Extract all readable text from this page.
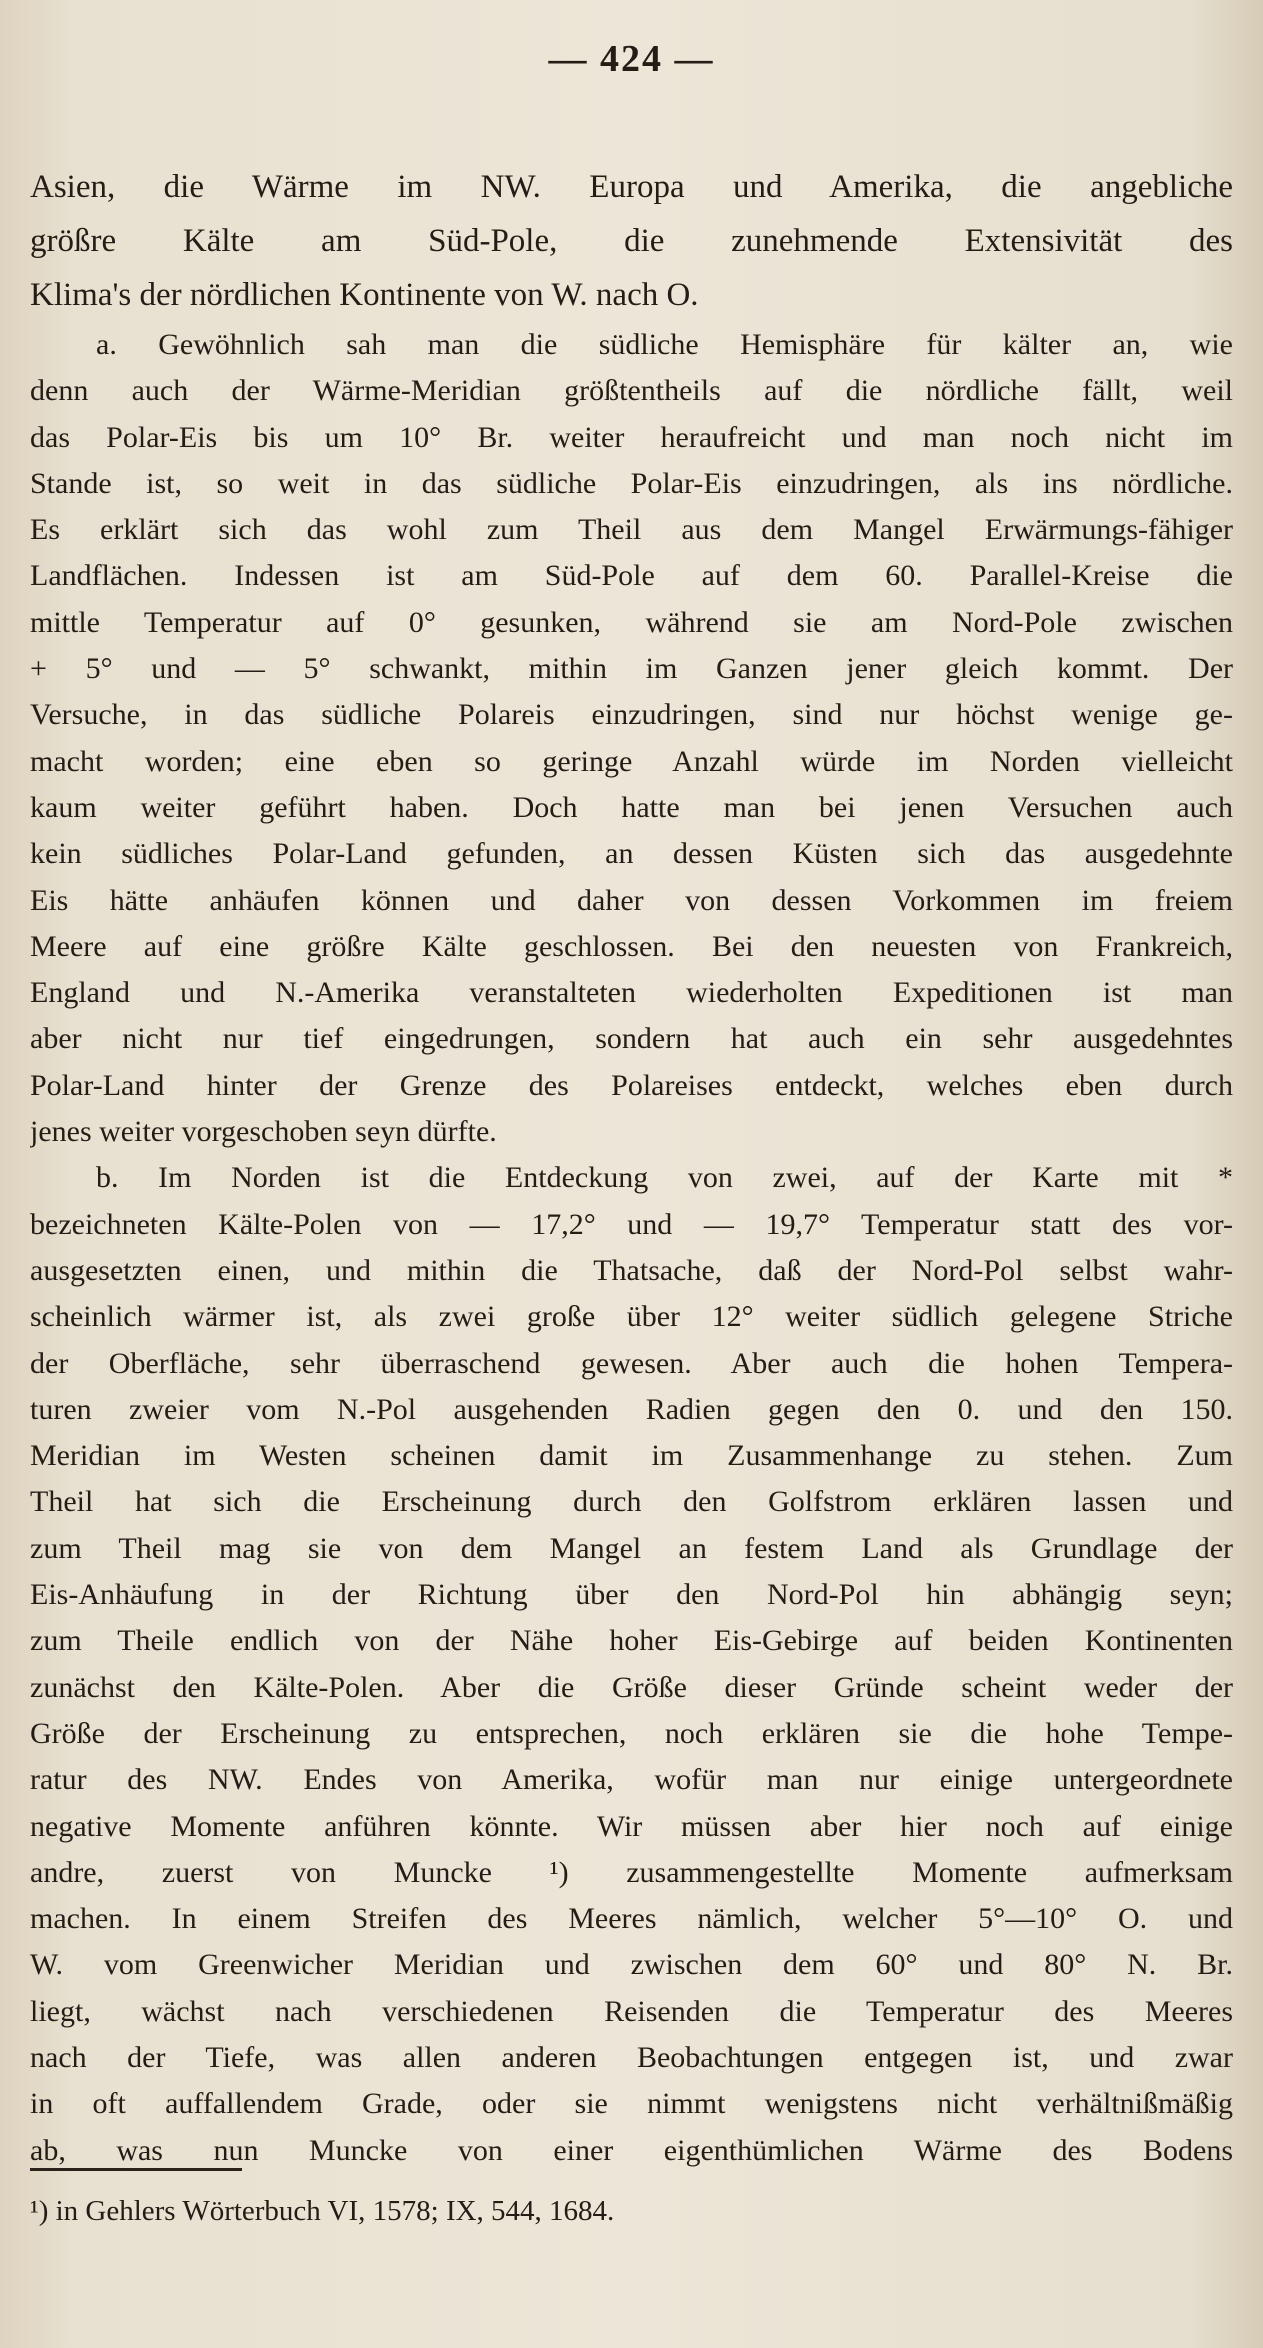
— 424 —
Asien, die Wärme im NW. Europa und Amerika, die angebliche
größre Kälte am Süd-Pole, die zunehmende Extensivität des
Klima's der nördlichen Kontinente von W. nach O.
a. Gewöhnlich sah man die südliche Hemisphäre für kälter an, wie
denn auch der Wärme-Meridian größtentheils auf die nördliche fällt, weil
das Polar-Eis bis um 10° Br. weiter heraufreicht und man noch nicht im
Stande ist, so weit in das südliche Polar-Eis einzudringen, als ins nördliche.
Es erklärt sich das wohl zum Theil aus dem Mangel Erwärmungs-fähiger
Landflächen. Indessen ist am Süd-Pole auf dem 60. Parallel-Kreise die
mittle Temperatur auf 0° gesunken, während sie am Nord-Pole zwischen
+ 5° und — 5° schwankt, mithin im Ganzen jener gleich kommt. Der
Versuche, in das südliche Polareis einzudringen, sind nur höchst wenige ge-
macht worden; eine eben so geringe Anzahl würde im Norden vielleicht
kaum weiter geführt haben. Doch hatte man bei jenen Versuchen auch
kein südliches Polar-Land gefunden, an dessen Küsten sich das ausgedehnte
Eis hätte anhäufen können und daher von dessen Vorkommen im freiem
Meere auf eine größre Kälte geschlossen. Bei den neuesten von Frankreich,
England und N.-Amerika veranstalteten wiederholten Expeditionen ist man
aber nicht nur tief eingedrungen, sondern hat auch ein sehr ausgedehntes
Polar-Land hinter der Grenze des Polareises entdeckt, welches eben durch
jenes weiter vorgeschoben seyn dürfte.
b. Im Norden ist die Entdeckung von zwei, auf der Karte mit *
bezeichneten Kälte-Polen von — 17,2° und — 19,7° Temperatur statt des vor-
ausgesetzten einen, und mithin die Thatsache, daß der Nord-Pol selbst wahr-
scheinlich wärmer ist, als zwei große über 12° weiter südlich gelegene Striche
der Oberfläche, sehr überraschend gewesen. Aber auch die hohen Tempera-
turen zweier vom N.-Pol ausgehenden Radien gegen den 0. und den 150.
Meridian im Westen scheinen damit im Zusammenhange zu stehen. Zum
Theil hat sich die Erscheinung durch den Golfstrom erklären lassen und
zum Theil mag sie von dem Mangel an festem Land als Grundlage der
Eis-Anhäufung in der Richtung über den Nord-Pol hin abhängig seyn;
zum Theile endlich von der Nähe hoher Eis-Gebirge auf beiden Kontinenten
zunächst den Kälte-Polen. Aber die Größe dieser Gründe scheint weder der
Größe der Erscheinung zu entsprechen, noch erklären sie die hohe Tempe-
ratur des NW. Endes von Amerika, wofür man nur einige untergeordnete
negative Momente anführen könnte. Wir müssen aber hier noch auf einige
andre, zuerst von Muncke ¹) zusammengestellte Momente aufmerksam
machen. In einem Streifen des Meeres nämlich, welcher 5°—10° O. und
W. vom Greenwicher Meridian und zwischen dem 60° und 80° N. Br.
liegt, wächst nach verschiedenen Reisenden die Temperatur des Meeres
nach der Tiefe, was allen anderen Beobachtungen entgegen ist, und zwar
in oft auffallendem Grade, oder sie nimmt wenigstens nicht verhältnißmäßig
ab, was nun Muncke von einer eigenthümlichen Wärme des Bodens
¹) in Gehlers Wörterbuch VI, 1578; IX, 544, 1684.
